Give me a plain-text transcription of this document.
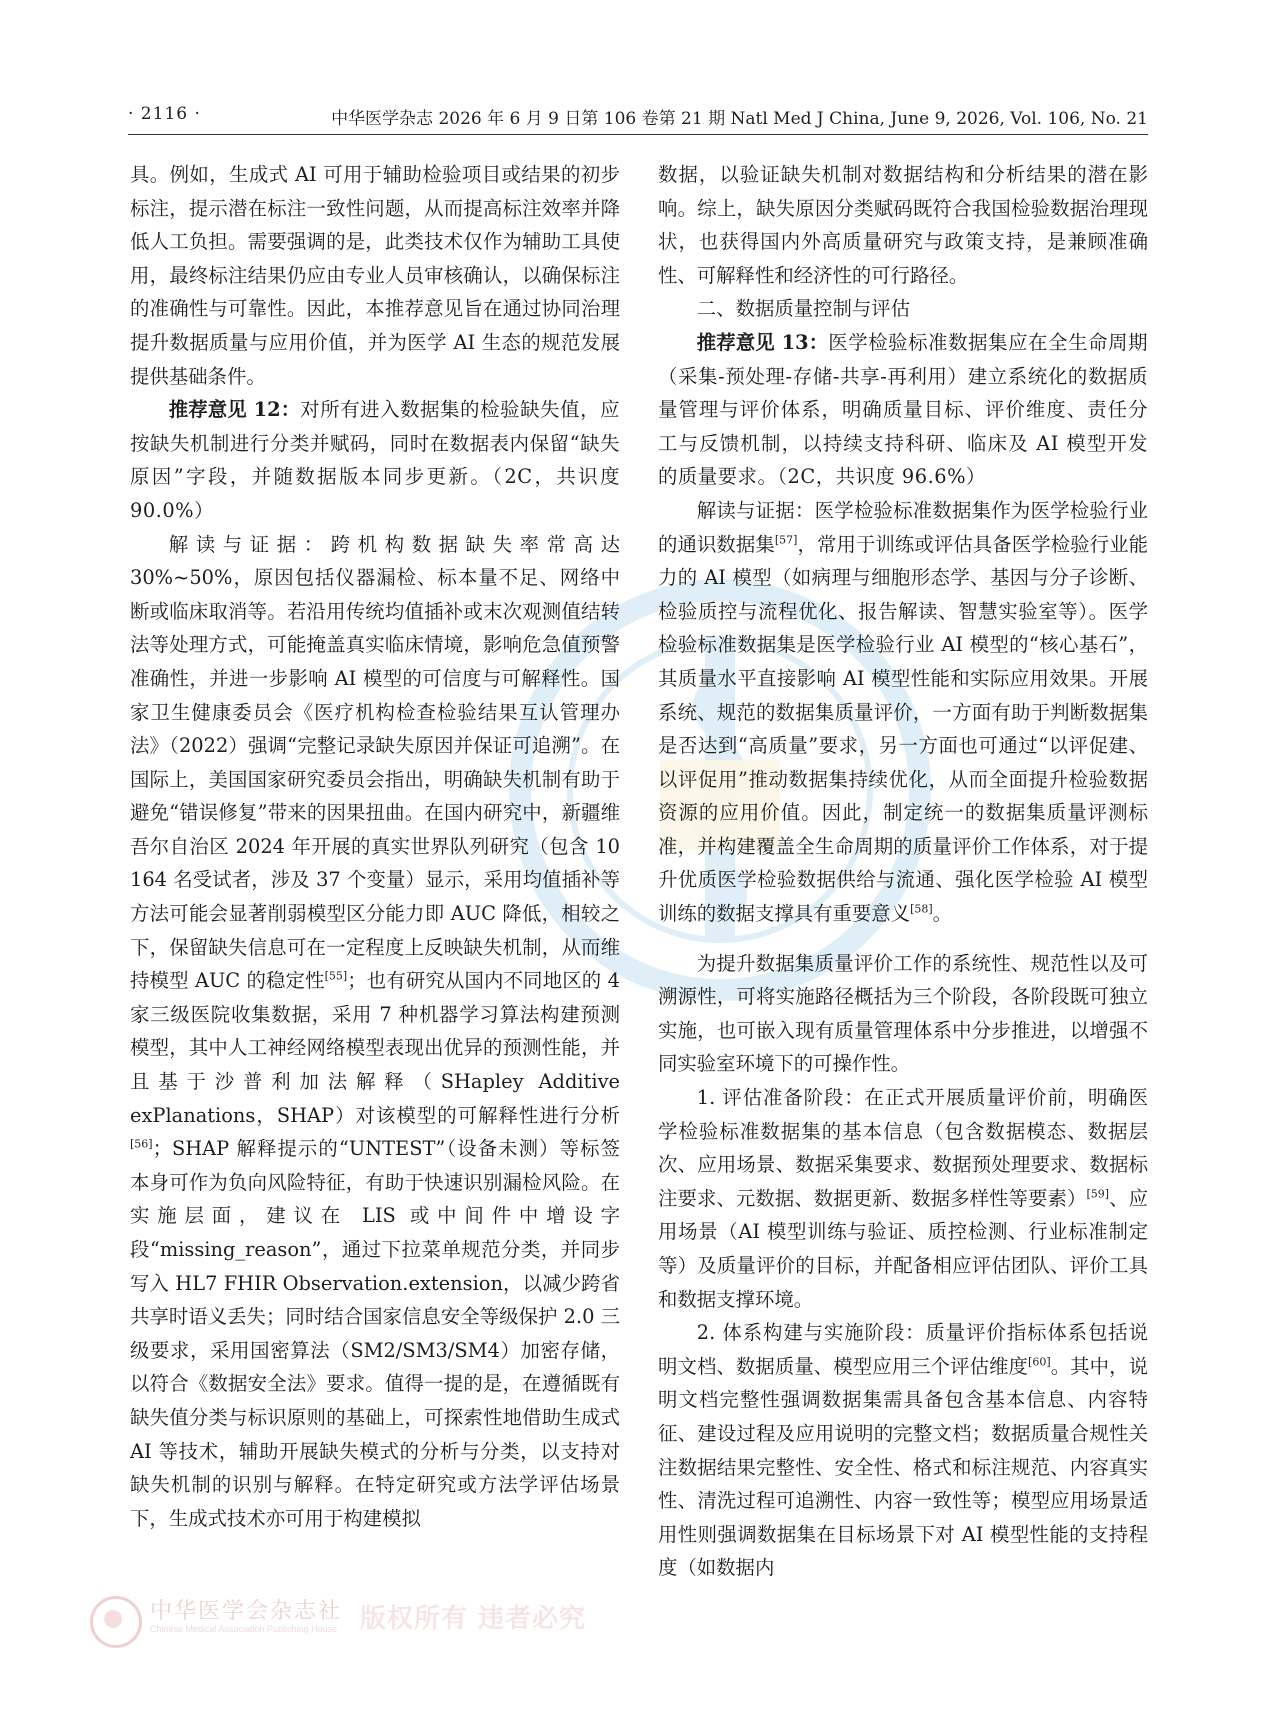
· 2116 ·	中华医学杂志 2026 年 6 月 9 日第 106 卷第 21 期 Natl Med J China, June 9, 2026, Vol. 106, No. 21

具。例如，生成式 AI 可用于辅助检验项目或结果的初步标注，提示潜在标注一致性问题，从而提高标注效率并降低人工负担。需要强调的是，此类技术仅作为辅助工具使用，最终标注结果仍应由专业人员审核确认，以确保标注的准确性与可靠性。因此，本推荐意见旨在通过协同治理提升数据质量与应用价值，并为医学 AI 生态的规范发展提供基础条件。

推荐意见 12：对所有进入数据集的检验缺失值，应按缺失机制进行分类并赋码，同时在数据表内保留“缺失原因”字段，并随数据版本同步更新。（2C，共识度 90.0%）

解读与证据：跨机构数据缺失率常高达 30%~50%，原因包括仪器漏检、标本量不足、网络中断或临床取消等。若沿用传统均值插补或末次观测值结转法等处理方式，可能掩盖真实临床情境，影响危急值预警准确性，并进一步影响 AI 模型的可信度与可解释性。国家卫生健康委员会《医疗机构检查检验结果互认管理办法》（2022）强调“完整记录缺失原因并保证可追溯”。在国际上，美国国家研究委员会指出，明确缺失机制有助于避免“错误修复”带来的因果扭曲。在国内研究中，新疆维吾尔自治区 2024 年开展的真实世界队列研究（包含 10 164 名受试者，涉及 37 个变量）显示，采用均值插补等方法可能会显著削弱模型区分能力即 AUC 降低，相较之下，保留缺失信息可在一定程度上反映缺失机制，从而维持模型 AUC 的稳定性[55]；也有研究从国内不同地区的 4 家三级医院收集数据，采用 7 种机器学习算法构建预测模型，其中人工神经网络模型表现出优异的预测性能，并且基于沙普利加法解释（SHapley Additive exPlanations，SHAP）对该模型的可解释性进行分析[56]；SHAP 解释提示的“UNTEST”（设备未测）等标签本身可作为负向风险特征，有助于快速识别漏检风险。在实施层面，建议在 LIS 或中间件中增设字段“missing_reason”，通过下拉菜单规范分类，并同步写入 HL7 FHIR Observation.extension，以减少跨省共享时语义丢失；同时结合国家信息安全等级保护 2.0 三级要求，采用国密算法（SM2/SM3/SM4）加密存储，以符合《数据安全法》要求。值得一提的是，在遵循既有缺失值分类与标识原则的基础上，可探索性地借助生成式 AI 等技术，辅助开展缺失模式的分析与分类，以支持对缺失机制的识别与解释。在特定研究或方法学评估场景下，生成式技术亦可用于构建模拟

数据，以验证缺失机制对数据结构和分析结果的潜在影响。综上，缺失原因分类赋码既符合我国检验数据治理现状，也获得国内外高质量研究与政策支持，是兼顾准确性、可解释性和经济性的可行路径。

二、数据质量控制与评估

推荐意见 13：医学检验标准数据集应在全生命周期（采集-预处理-存储-共享-再利用）建立系统化的数据质量管理与评价体系，明确质量目标、评价维度、责任分工与反馈机制，以持续支持科研、临床及 AI 模型开发的质量要求。（2C，共识度 96.6%）

解读与证据：医学检验标准数据集作为医学检验行业的通识数据集[57]，常用于训练或评估具备医学检验行业能力的 AI 模型（如病理与细胞形态学、基因与分子诊断、检验质控与流程优化、报告解读、智慧实验室等）。医学检验标准数据集是医学检验行业 AI 模型的“核心基石”，其质量水平直接影响 AI 模型性能和实际应用效果。开展系统、规范的数据集质量评价，一方面有助于判断数据集是否达到“高质量”要求，另一方面也可通过“以评促建、以评促用”推动数据集持续优化，从而全面提升检验数据资源的应用价值。因此，制定统一的数据集质量评测标准，并构建覆盖全生命周期的质量评价工作体系，对于提升优质医学检验数据供给与流通、强化医学检验 AI 模型训练的数据支撑具有重要意义[58]。

为提升数据集质量评价工作的系统性、规范性以及可溯源性，可将实施路径概括为三个阶段，各阶段既可独立实施，也可嵌入现有质量管理体系中分步推进，以增强不同实验室环境下的可操作性。

1. 评估准备阶段：在正式开展质量评价前，明确医学检验标准数据集的基本信息（包含数据模态、数据层次、应用场景、数据采集要求、数据预处理要求、数据标注要求、元数据、数据更新、数据多样性等要素）[59]、应用场景（AI 模型训练与验证、质控检测、行业标准制定等）及质量评价的目标，并配备相应评估团队、评价工具和数据支撑环境。

2. 体系构建与实施阶段：质量评价指标体系包括说明文档、数据质量、模型应用三个评估维度[60]。其中，说明文档完整性强调数据集需具备包含基本信息、内容特征、建设过程及应用说明的完整文档；数据质量合规性关注数据结果完整性、安全性、格式和标注规范、内容真实性、清洗过程可追溯性、内容一致性等；模型应用场景适用性则强调数据集在目标场景下对 AI 模型性能的支持程度（如数据内

中华医学会杂志社
Chinese Medical Association Publishing House 版权所有 违者必究
